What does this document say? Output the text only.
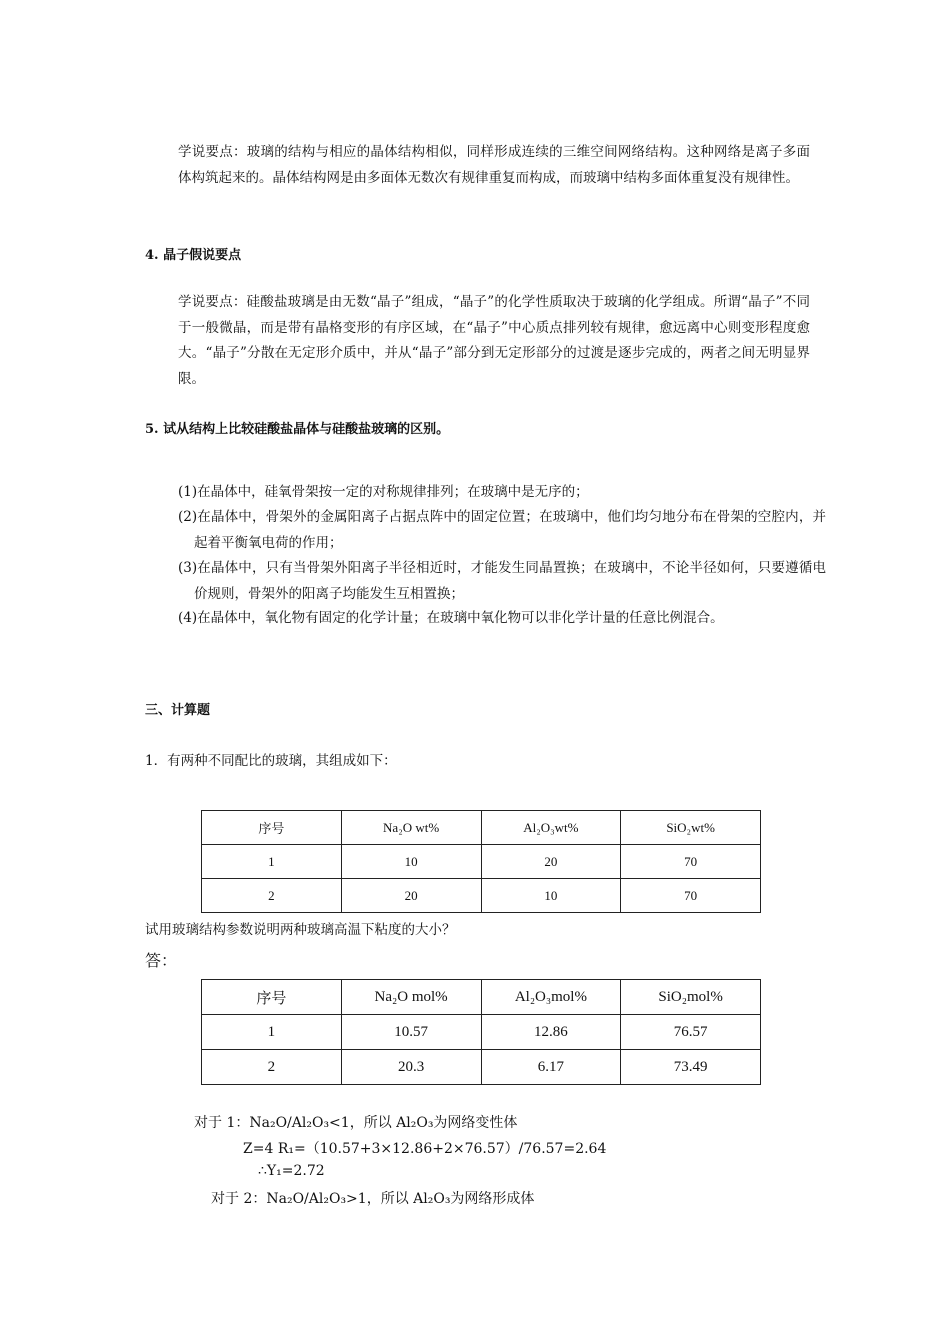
学说要点：玻璃的结构与相应的晶体结构相似，同样形成连续的三维空间网络结构。这种网络是离子多面体构筑起来的。晶体结构网是由多面体无数次有规律重复而构成，而玻璃中结构多面体重复没有规律性。

4. 晶子假说要点

学说要点：硅酸盐玻璃是由无数“晶子”组成，“晶子”的化学性质取决于玻璃的化学组成。所谓“晶子”不同于一般微晶，而是带有晶格变形的有序区域，在“晶子”中心质点排列较有规律，愈远离中心则变形程度愈大。“晶子”分散在无定形介质中，并从“晶子”部分到无定形部分的过渡是逐步完成的，两者之间无明显界限。

5. 试从结构上比较硅酸盐晶体与硅酸盐玻璃的区别。

(1)在晶体中，硅氧骨架按一定的对称规律排列；在玻璃中是无序的；

(2)在晶体中，骨架外的金属阳离子占据点阵中的固定位置；在玻璃中，他们均匀地分布在骨架的空腔内，并起着平衡氧电荷的作用；

(3)在晶体中，只有当骨架外阳离子半径相近时，才能发生同晶置换；在玻璃中，不论半径如何，只要遵循电价规则，骨架外的阳离子均能发生互相置换；

(4)在晶体中，氧化物有固定的化学计量；在玻璃中氧化物可以非化学计量的任意比例混合。

三、计算题

1．有两种不同配比的玻璃，其组成如下：

序号	Na₂O wt%	Al₂O₃wt%	SiO₂wt%
1	10	20	70
2	20	10	70

试用玻璃结构参数说明两种玻璃高温下粘度的大小？

答：

序号	Na₂O mol%	Al₂O₃mol%	SiO₂mol%
1	10.57	12.86	76.57
2	20.3	6.17	73.49

对于 1：Na₂O/Al₂O₃<1，所以 Al₂O₃为网络变性体

Z=4 R₁=（10.57+3×12.86+2×76.57）/76.57=2.64

∴Y₁=2.72

对于 2：Na₂O/Al₂O₃>1，所以 Al₂O₃为网络形成体
